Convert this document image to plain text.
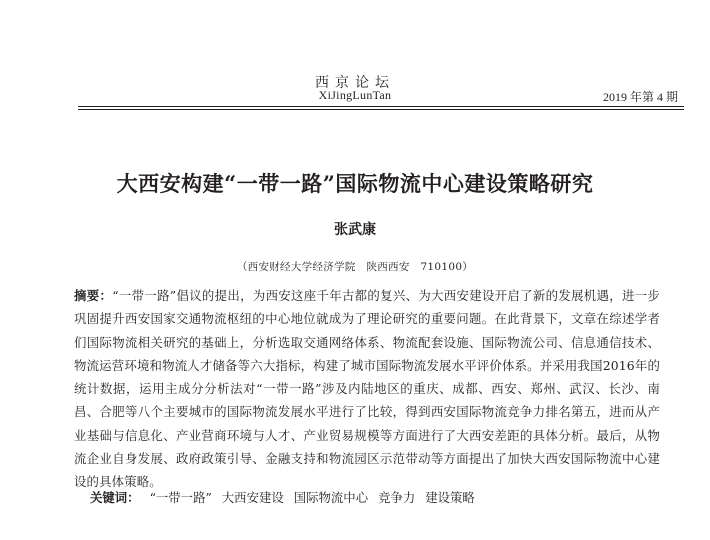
西京论坛
XiJingLunTan	2019 年第 4 期
大西安构建“一带一路”国际物流中心建设策略研究
张武康
（西安财经大学经济学院　陕西西安　710100）
摘要：“一带一路”倡议的提出，为西安这座千年古都的复兴、为大西安建设开启了新的发展机遇，进一步巩固提升西安国家交通物流枢纽的中心地位就成为了理论研究的重要问题。在此背景下，文章在综述学者们国际物流相关研究的基础上，分析选取交通网络体系、物流配套设施、国际物流公司、信息通信技术、物流运营环境和物流人才储备等六大指标，构建了城市国际物流发展水平评价体系。并采用我国2016年的统计数据，运用主成分分析法对“一带一路”涉及内陆地区的重庆、成都、西安、郑州、武汉、长沙、南昌、合肥等八个主要城市的国际物流发展水平进行了比较，得到西安国际物流竞争力排名第五，进而从产业基础与信息化、产业营商环境与人才、产业贸易规模等方面进行了大西安差距的具体分析。最后，从物流企业自身发展、政府政策引导、金融支持和物流园区示范带动等方面提出了加快大西安国际物流中心建设的具体策略。
关键词： “一带一路” 大西安建设 国际物流中心 竞争力 建设策略
